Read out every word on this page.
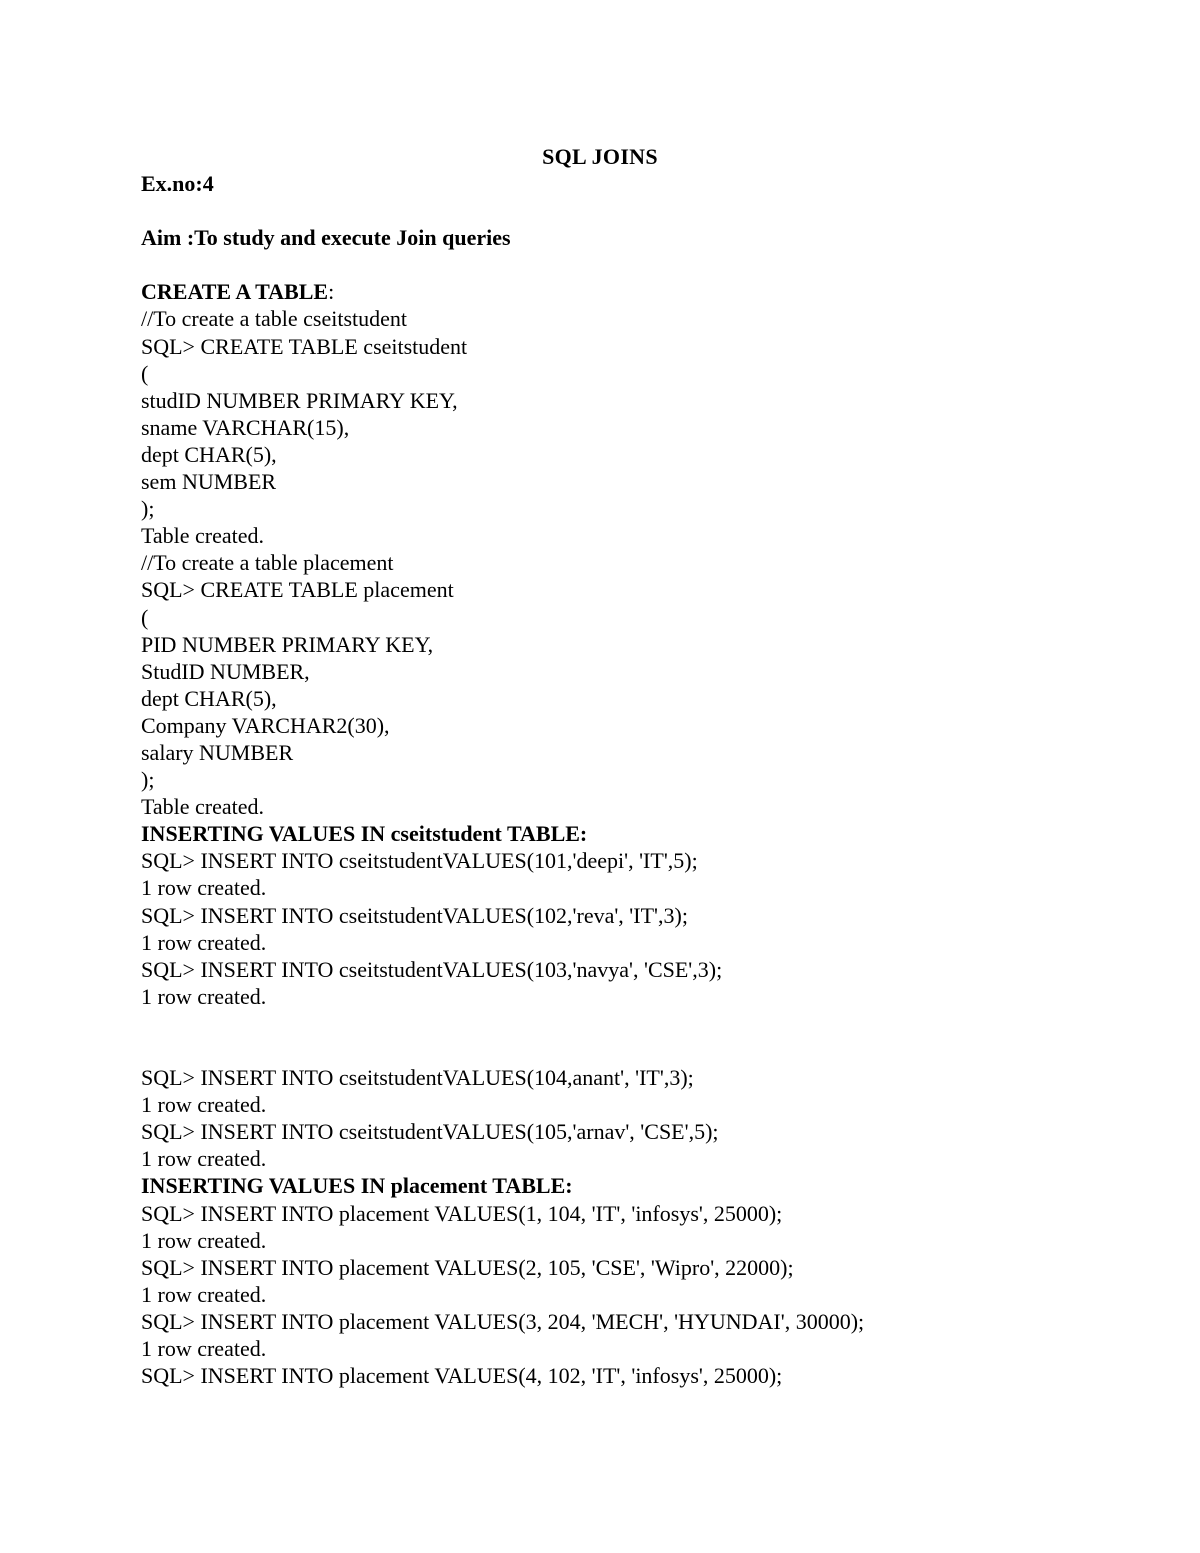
SQL JOINS
Ex.no:4
Aim :To study and execute Join queries
CREATE A TABLE:
//To create a table cseitstudent
SQL> CREATE TABLE cseitstudent
(
studID NUMBER PRIMARY KEY,
sname VARCHAR(15),
dept CHAR(5),
sem NUMBER
);
Table created.
//To create a table placement
SQL> CREATE TABLE placement
(
PID NUMBER PRIMARY KEY,
StudID NUMBER,
dept CHAR(5),
Company VARCHAR2(30),
salary NUMBER
);
Table created.
INSERTING VALUES IN cseitstudent TABLE:
SQL> INSERT INTO cseitstudentVALUES(101,'deepi', 'IT',5);
1 row created.
SQL> INSERT INTO cseitstudentVALUES(102,'reva', 'IT',3);
1 row created.
SQL> INSERT INTO cseitstudentVALUES(103,'navya', 'CSE',3);
1 row created.
SQL> INSERT INTO cseitstudentVALUES(104,anant', 'IT',3);
1 row created.
SQL> INSERT INTO cseitstudentVALUES(105,'arnav', 'CSE',5);
1 row created.
INSERTING VALUES IN placement TABLE:
SQL> INSERT INTO placement VALUES(1, 104, 'IT', 'infosys', 25000);
1 row created.
SQL> INSERT INTO placement VALUES(2, 105, 'CSE', 'Wipro', 22000);
1 row created.
SQL> INSERT INTO placement VALUES(3, 204, 'MECH', 'HYUNDAI', 30000);
1 row created.
SQL> INSERT INTO placement VALUES(4, 102, 'IT', 'infosys', 25000);
